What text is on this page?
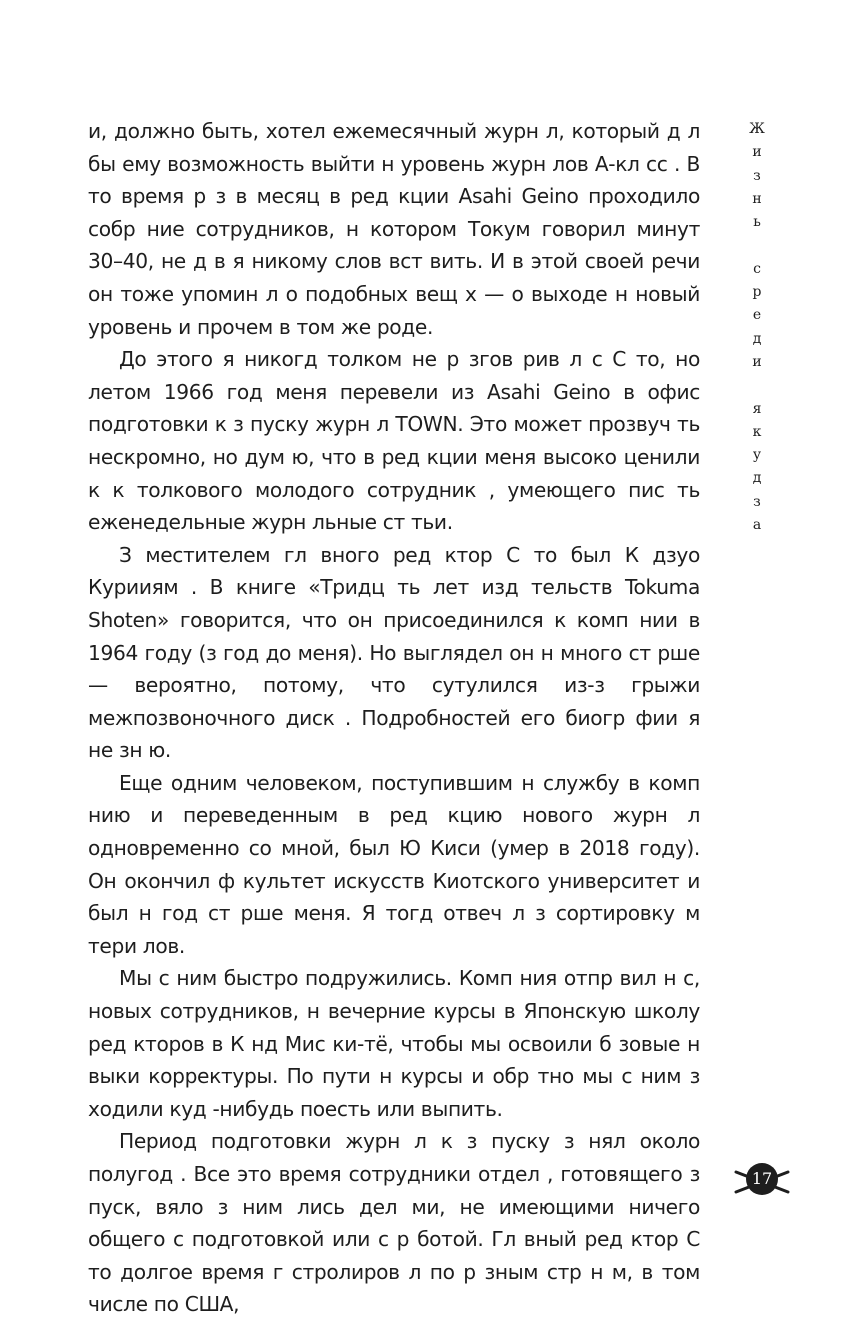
и, должно быть, хотел ежемесячный журн л, который д л бы ему возможность выйти н уровень журн лов А-кл сс . В то время р з в месяц в ред кции Asahi Geino проходило собр ние сотрудников, н котором Токум говорил минут 30–40, не д в я никому слов вст вить. И в этой своей речи он тоже упомин л о подобных вещ х — о выходе н новый уровень и прочем в том же роде.

До этого я никогд толком не р згов рив л с С то, но летом 1966 год меня перевели из Asahi Geino в офис подготовки к з пуску журн л TOWN. Это может прозвуч ть нескромно, но дум ю, что в ред кции меня высоко ценили к к толкового молодого сотрудник , умеющего пис ть еженедельные журн льные ст тьи.

З местителем гл вного ред ктор С то был К дзуо Курииям . В книге «Тридц ть лет изд тельств Tokuma Shoten» говорится, что он присоединился к комп нии в 1964 году (з год до меня). Но выглядел он н много ст рше — вероятно, потому, что сутулился из-з грыжи межпозвоночного диск . Подробностей его биогр фии я не зн ю.

Еще одним человеком, поступившим н службу в комп нию и переведенным в ред кцию нового журн л одновременно со мной, был Ю Киси (умер в 2018 году). Он окончил ф культет искусств Киотского университет и был н год ст рше меня. Я тогд отвеч л з сортировку м тери лов.

Мы с ним быстро подружились. Комп ния отпр вил н с, новых сотрудников, н вечерние курсы в Японскую школу ред кторов в К нд Мис ки-тё, чтобы мы освоили б зовые н выки корректуры. По пути н курсы и обр тно мы с ним з ходили куд -нибудь поесть или выпить.

Период подготовки журн л к з пуску з нял около полугод . Все это время сотрудники отдел , готовящего з пуск, вяло з ним лись дел ми, не имеющими ничего общего с подготовкой или с р ботой. Гл вный ред ктор С то долгое время г стролиров л по р зным стр н м, в том числе по США,

Ж
и
з
н
ь

с
р
е
д
и

я
к
у
д
з
а
17
